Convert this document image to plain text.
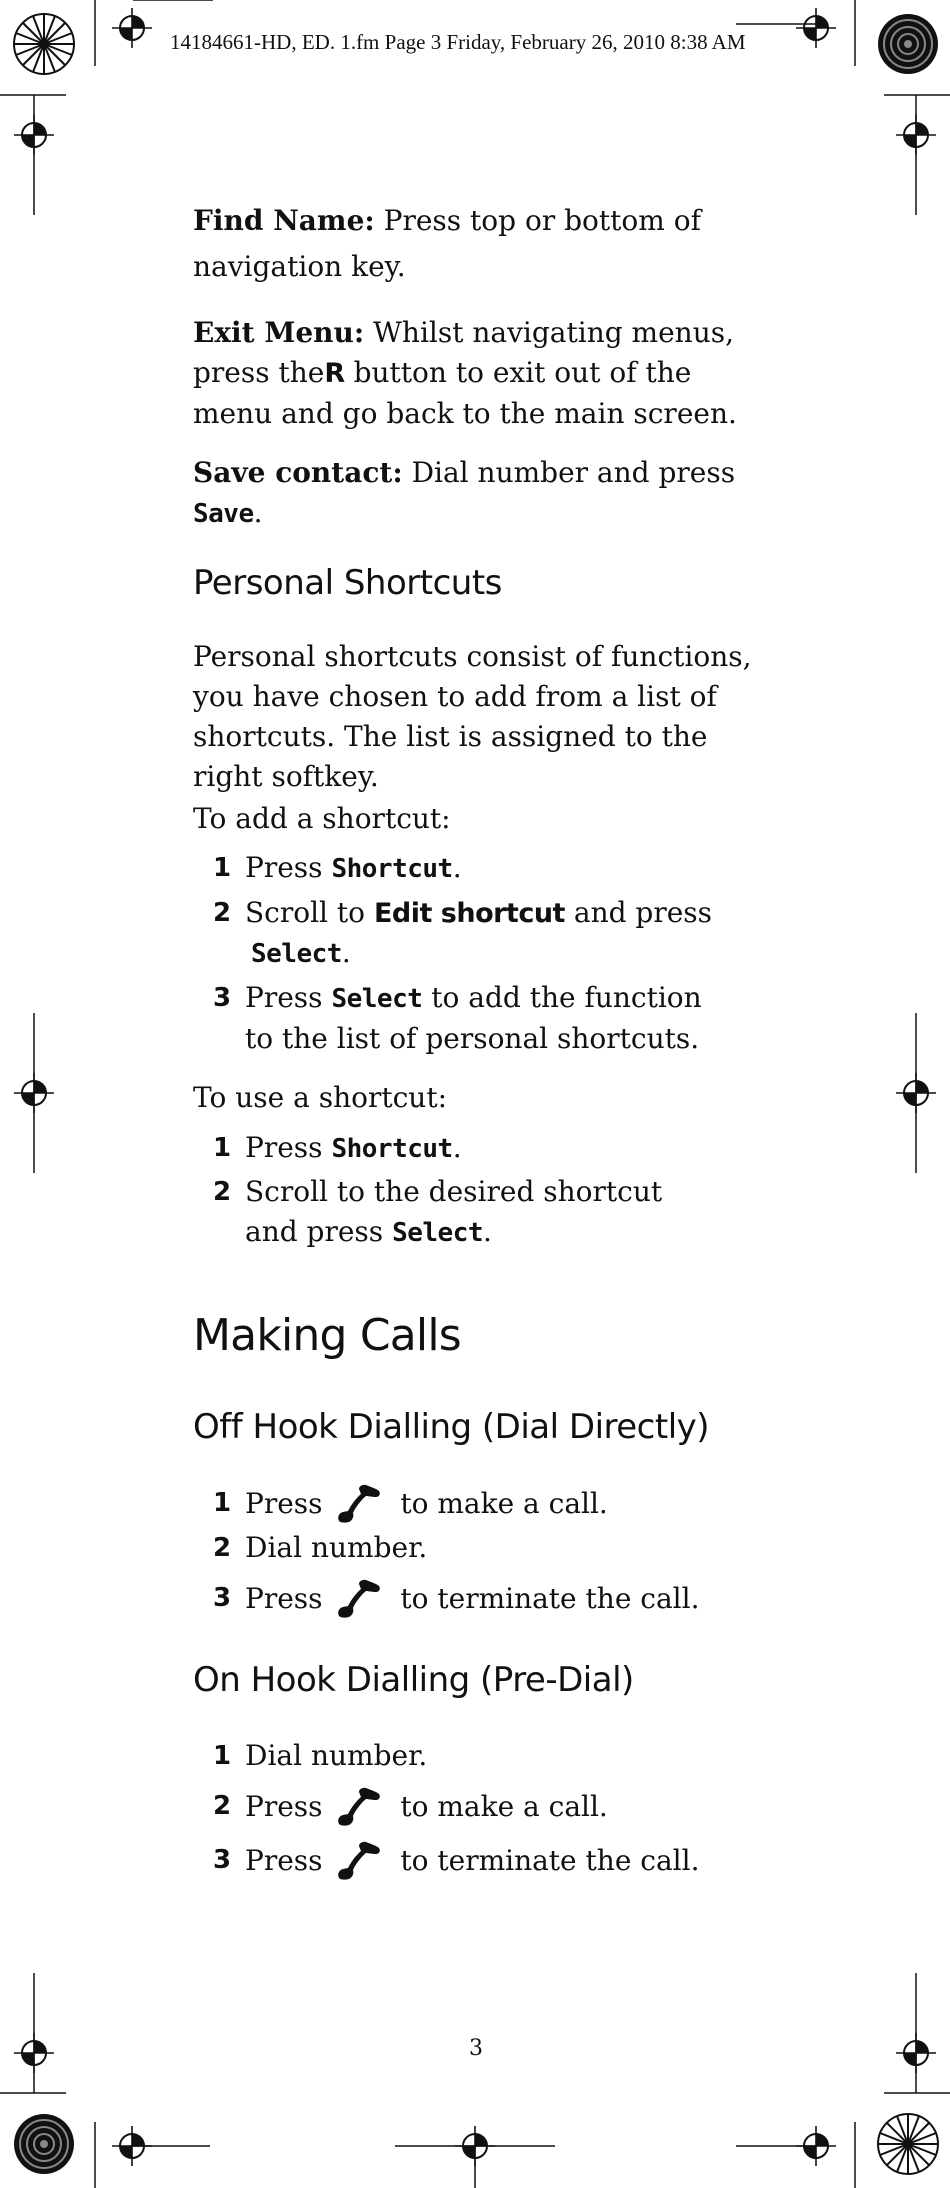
14184661-HD, ED. 1.fm Page 3 Friday, February 26, 2010 8:38 AM

Find Name: Press top or bottom of navigation key.

Exit Menu: Whilst navigating menus, press theR button to exit out of the menu and go back to the main screen.

Save contact: Dial number and press
Save.

Personal Shortcuts

Personal shortcuts consist of functions, you have chosen to add from a list of shortcuts. The list is assigned to the right softkey.

To add a shortcut:

1 Press Shortcut.
2 Scroll to Edit shortcut and press
Select.
3 Press Select to add the function to the list of personal shortcuts.

To use a shortcut:

1 Press Shortcut.
2 Scroll to the desired shortcut and press Select.
Making Calls
Off Hook Dialling (Dial Directly)
1 Press	to make a call.
2 Dial number.
3 Press	to terminate the call.
On Hook Dialling (Pre-Dial)
1 Dial number.
2 Press	to make a call.
3 Press	to terminate the call.
3
